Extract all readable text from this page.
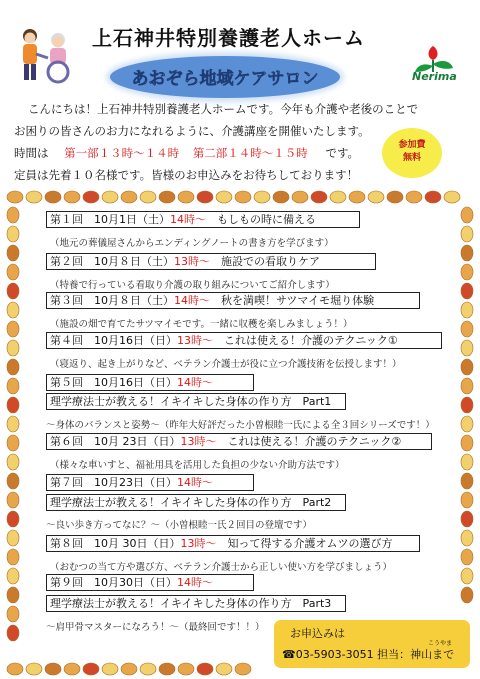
上石神井特別養護老人ホーム
あおぞら地域ケアサロン	Nerima
こんにちは！上石神井特別養護老人ホームです。今年も介護や老後のことで
お困りの皆さんのお力になれるように、介護講座を開催いたします。
時間は 第一部１３時～１４時 第二部１４時～１５時 です。
定員は先着１０名様です。皆様のお申込みをお待ちしております！
参加費
無料
第１回　 10月1日（土）14時～　 もしもの時に備える
（地元の葬儀屋さんからエンディングノートの書き方を学びます）
第２回　 10月８日（土）13時～　 施設での看取りケア
（特養で行っている看取り介護の取り組みについてご紹介します）
第３回　 10月８日（土）14時～　 秋を満喫！サツマイモ堀り体験
（施設の畑で育てたサツマイモです。一緒に収穫を楽しみましょう！）
第４回　 10月16日（日）13時～　 これは使える！介護のテクニック①
（寝返り、起き上がりなど、ベテラン介護士が役に立つ介護技術を伝授します！）
第５回　 10月16日（日）14時～
理学療法士が教える！イキイキした身体の作り方　Part1
～身体のバランスと姿勢～（昨年大好評だった小曽根睦一氏による全３回シリーズです！）
第６回　 10月 23日（日）13時～　 これは使える！介護のテクニック②
（様々な車いすと、福祉用具を活用した負担の少ない介助方法です）
第７回　 10月23日（日）14時～
理学療法士が教える！イキイキした身体の作り方　Part2
～良い歩き方ってなに？～（小曽根睦一氏２回目の登壇です）
第８回　 10月 30日（日）13時～　 知って得する介護オムツの選び方
（おむつの当て方や選び方、ベテラン介護士から正しい使い方を学びましょう）
第９回　 10月30日（日）14時～
理学療法士が教える！イキイキした身体の作り方　Part3
～肩甲骨マスターになろう！～（最終回です！！） お申込みは
こうやま
☎03-5903-3051 担当：神山まで
